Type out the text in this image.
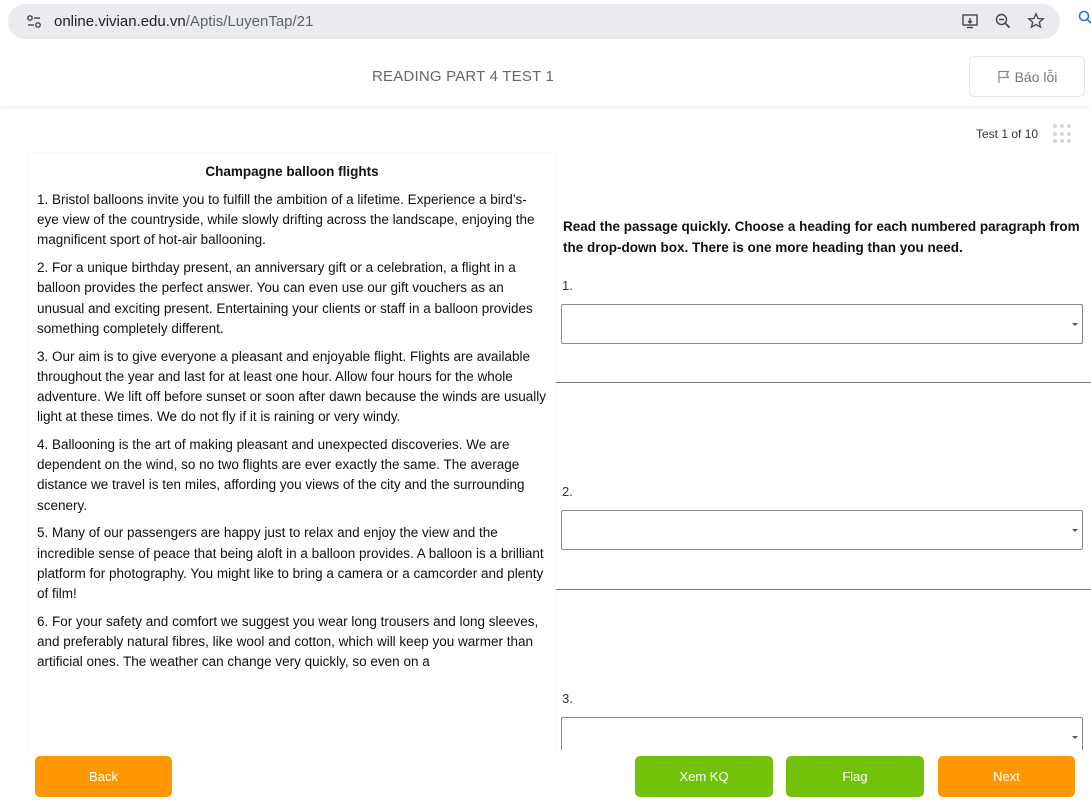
online.vivian.edu.vn/Aptis/LuyenTap/21
READING PART 4 TEST 1	Báo lỗi
Test 1 of 10
Champagne balloon flights

1. Bristol balloons invite you to fulfill the ambition of a lifetime. Experience a bird’s-eye view of the countryside, while slowly drifting across the landscape, enjoying the magnificent sport of hot-air ballooning.

2. For a unique birthday present, an anniversary gift or a celebration, a flight in a balloon provides the perfect answer. You can even use our gift vouchers as an unusual and exciting present. Entertaining your clients or staff in a balloon provides something completely different.

3. Our aim is to give everyone a pleasant and enjoyable flight. Flights are available throughout the year and last for at least one hour. Allow four hours for the whole adventure. We lift off before sunset or soon after dawn because the winds are usually light at these times. We do not fly if it is raining or very windy.

4. Ballooning is the art of making pleasant and unexpected discoveries. We are dependent on the wind, so no two flights are ever exactly the same. The average distance we travel is ten miles, affording you views of the city and the surrounding scenery.

5. Many of our passengers are happy just to relax and enjoy the view and the incredible sense of peace that being aloft in a balloon provides. A balloon is a brilliant platform for photography. You might like to bring a camera or a camcorder and plenty of film!

6. For your safety and comfort we suggest you wear long trousers and long sleeves, and preferably natural fibres, like wool and cotton, which will keep you warmer than artificial ones. The weather can change very quickly, so even on a

Read the passage quickly. Choose a heading for each numbered paragraph from the drop-down box. There is one more heading than you need.
1.
2.
3.
Back	Xem KQ	Flag	Next
